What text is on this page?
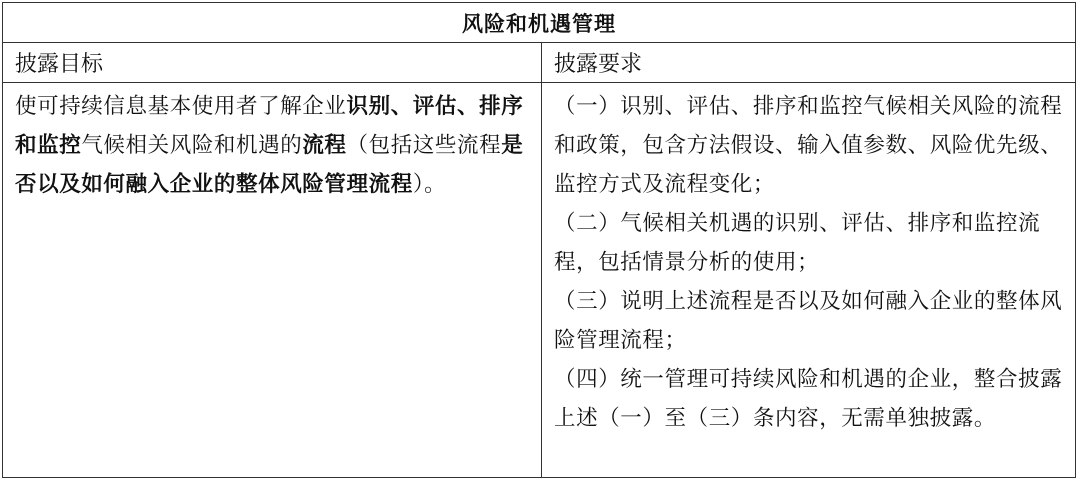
风险和机遇管理
披露目标	披露要求
使可持续信息基本使用者了解企业识别、评估、排序和监控气候相关风险和机遇的流程（包括这些流程是否以及如何融入企业的整体风险管理流程）。
（一）识别、评估、排序和监控气候相关风险的流程和政策，包含方法假设、输入值参数、风险优先级、监控方式及流程变化；
（二）气候相关机遇的识别、评估、排序和监控流程，包括情景分析的使用；
（三）说明上述流程是否以及如何融入企业的整体风险管理流程；
（四）统一管理可持续风险和机遇的企业，整合披露上述（一）至（三）条内容，无需单独披露。
